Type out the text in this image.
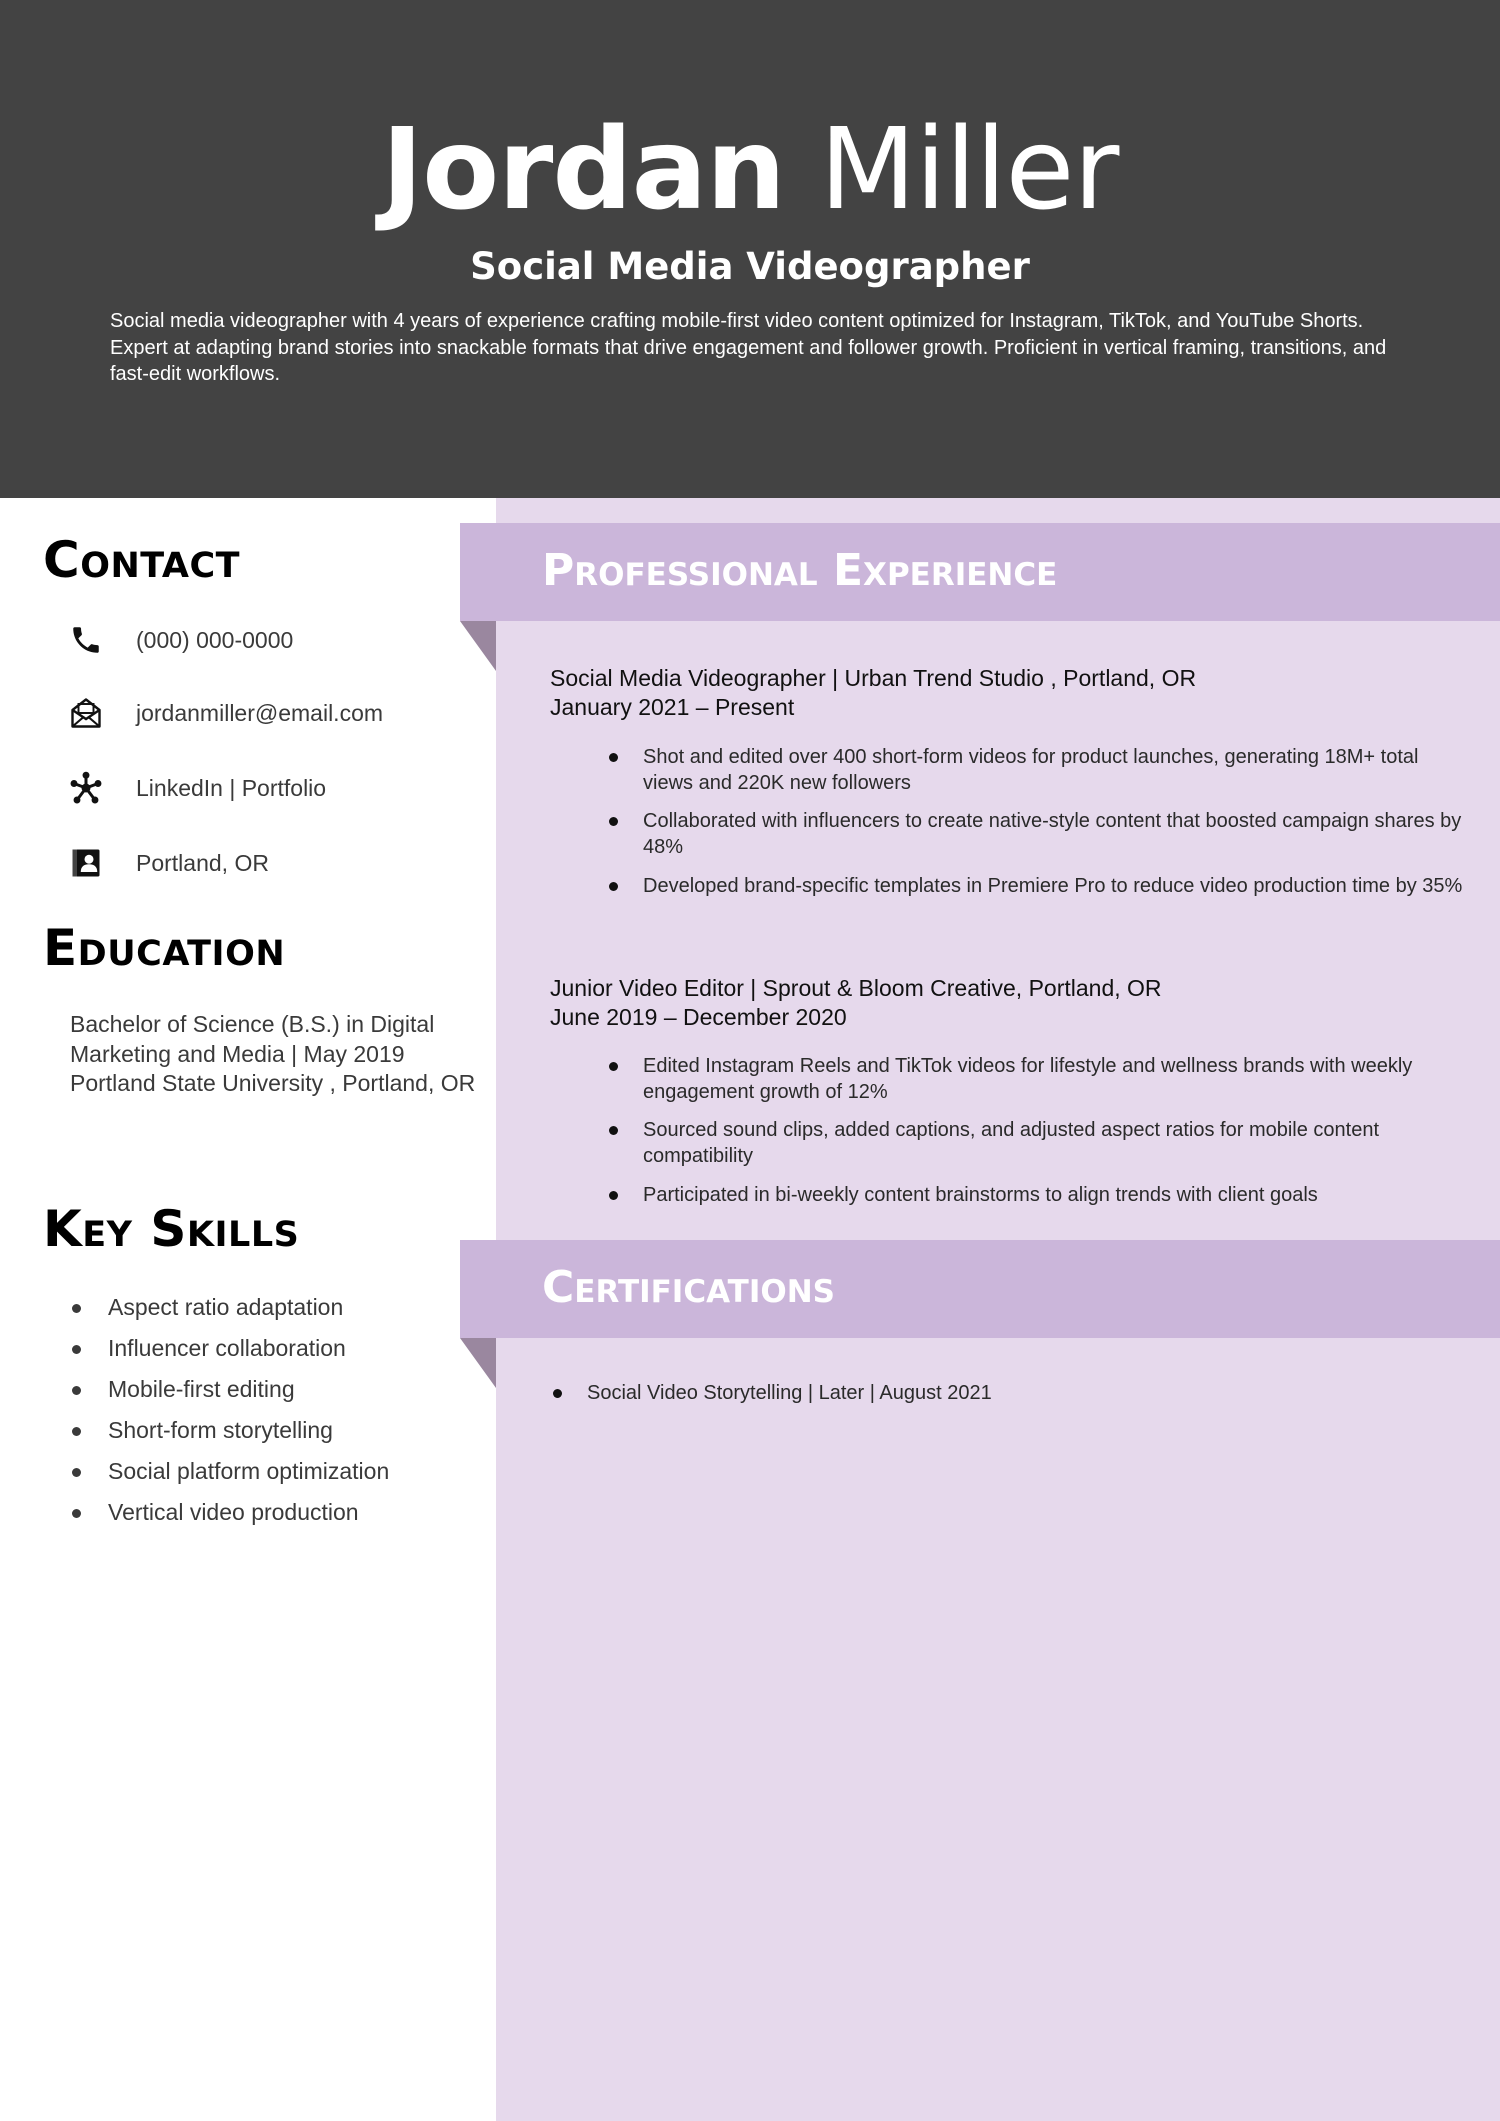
Jordan Miller
Social Media Videographer
Social media videographer with 4 years of experience crafting mobile-first video content optimized for Instagram, TikTok, and YouTube Shorts. Expert at adapting brand stories into snackable formats that drive engagement and follower growth. Proficient in vertical framing, transitions, and fast-edit workflows.
Contact
(000) 000-0000
jordanmiller@email.com
LinkedIn | Portfolio
Portland, OR
Education
Bachelor of Science (B.S.) in Digital Marketing and Media | May 2019
Portland State University , Portland, OR
Key Skills
Aspect ratio adaptation
Influencer collaboration
Mobile-first editing
Short-form storytelling
Social platform optimization
Vertical video production
Professional Experience
Social Media Videographer | Urban Trend Studio , Portland, OR
January 2021 – Present
Shot and edited over 400 short-form videos for product launches, generating 18M+ total views and 220K new followers
Collaborated with influencers to create native-style content that boosted campaign shares by 48%
Developed brand-specific templates in Premiere Pro to reduce video production time by 35%
Junior Video Editor | Sprout & Bloom Creative, Portland, OR
June 2019 – December 2020
Edited Instagram Reels and TikTok videos for lifestyle and wellness brands with weekly engagement growth of 12%
Sourced sound clips, added captions, and adjusted aspect ratios for mobile content compatibility
Participated in bi-weekly content brainstorms to align trends with client goals
Certifications
Social Video Storytelling | Later | August 2021
